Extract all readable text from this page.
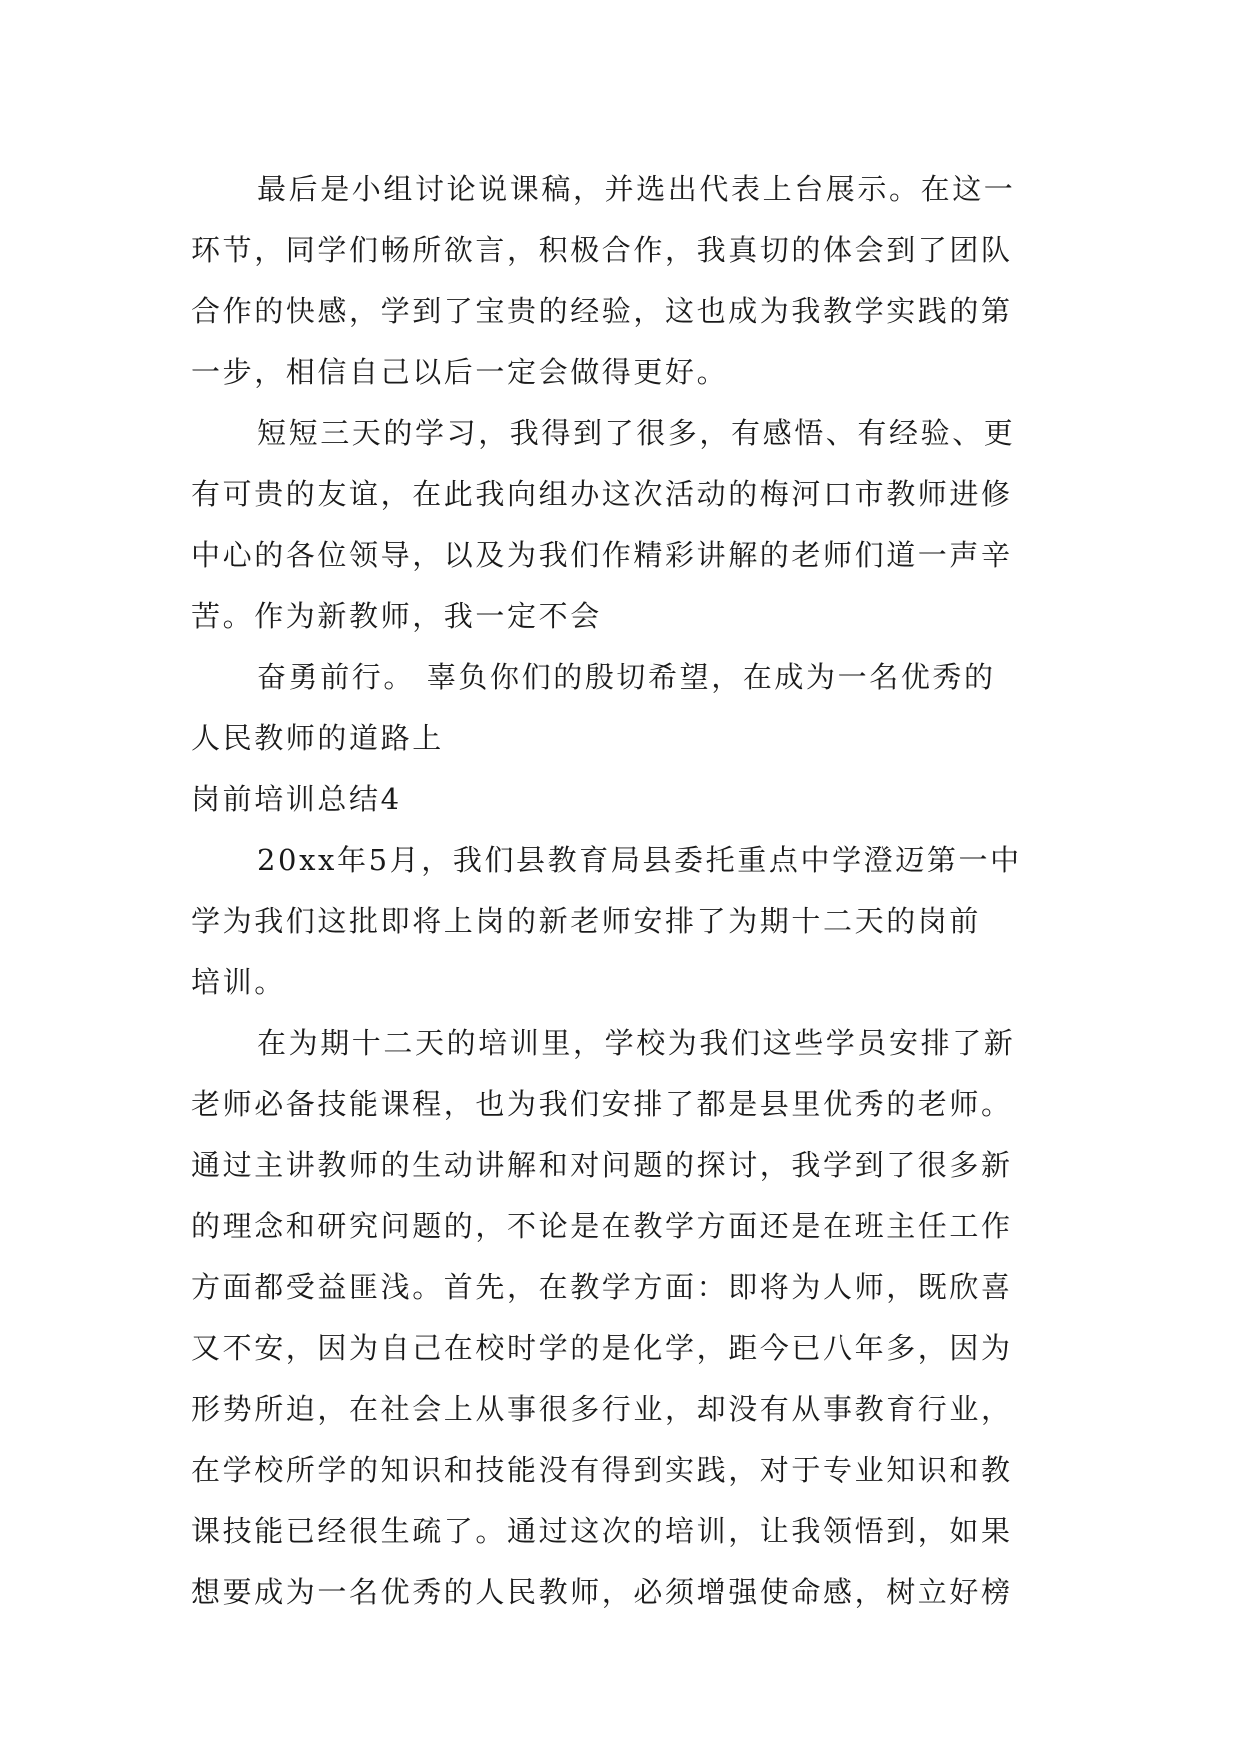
最后是小组讨论说课稿，并选出代表上台展示。在这一
环节，同学们畅所欲言，积极合作，我真切的体会到了团队
合作的快感，学到了宝贵的经验，这也成为我教学实践的第
一步，相信自己以后一定会做得更好。
短短三天的学习，我得到了很多，有感悟、有经验、更
有可贵的友谊，在此我向组办这次活动的梅河口市教师进修
中心的各位领导，以及为我们作精彩讲解的老师们道一声辛
苦。作为新教师，我一定不会
奋勇前行。 辜负你们的殷切希望，在成为一名优秀的
人民教师的道路上
岗前培训总结4
20xx年5月，我们县教育局县委托重点中学澄迈第一中
学为我们这批即将上岗的新老师安排了为期十二天的岗前
培训。
在为期十二天的培训里，学校为我们这些学员安排了新
老师必备技能课程，也为我们安排了都是县里优秀的老师。
通过主讲教师的生动讲解和对问题的探讨，我学到了很多新
的理念和研究问题的，不论是在教学方面还是在班主任工作
方面都受益匪浅。首先，在教学方面：即将为人师，既欣喜
又不安，因为自己在校时学的是化学，距今已八年多，因为
形势所迫，在社会上从事很多行业，却没有从事教育行业，
在学校所学的知识和技能没有得到实践，对于专业知识和教
课技能已经很生疏了。通过这次的培训，让我领悟到，如果
想要成为一名优秀的人民教师，必须增强使命感，树立好榜
